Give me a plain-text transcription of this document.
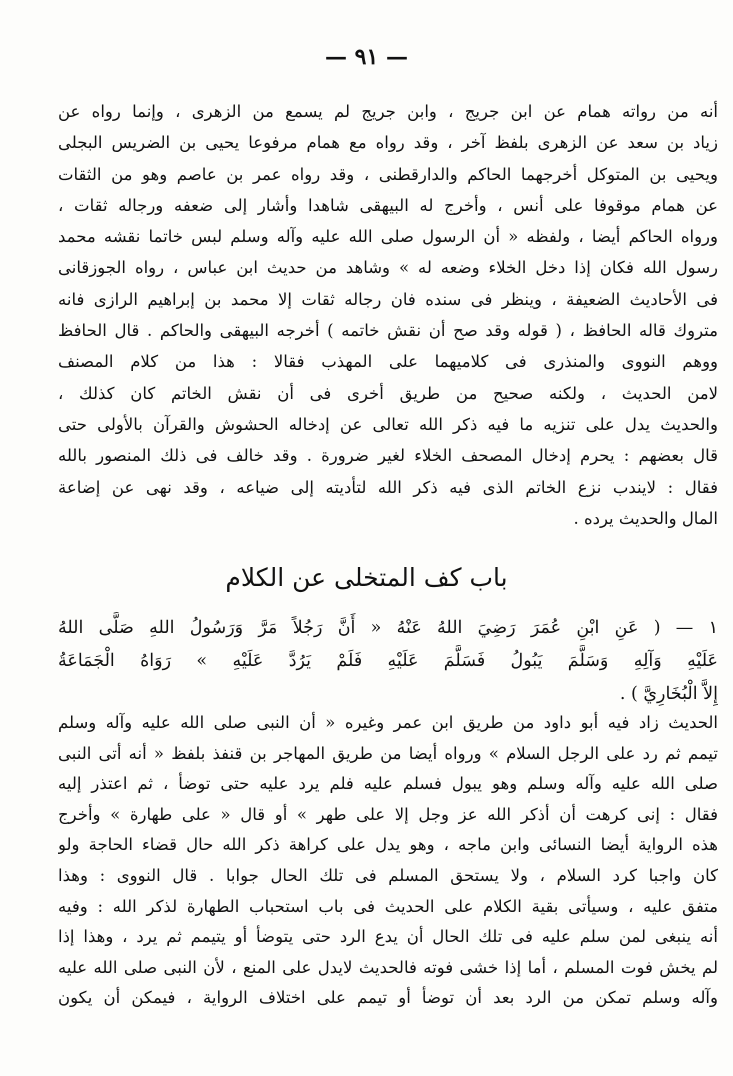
— ٩١ —
أنه من رواته همام عن ابن جريج ، وابن جريج لم يسمع من الزهرى ، وإنما رواه عن
زياد بن سعد عن الزهرى بلفظ آخر ، وقد رواه مع همام مرفوعا يحيى بن الضريس البجلى
ويحيى بن المتوكل أخرجهما الحاكم والدارقطنى ، وقد رواه عمر بن عاصم وهو من الثقات
عن همام موقوفا على أنس ، وأخرج له البيهقى شاهدا وأشار إلى ضعفه ورجاله ثقات ،
ورواه الحاكم أيضا ، ولفظه « أن الرسول صلى الله عليه وآله وسلم لبس خاتما نقشه محمد
رسول الله فكان إذا دخل الخلاء وضعه له » وشاهد من حديث ابن عباس ، رواه الجوزقانى
فى الأحاديث الضعيفة ، وينظر فى سنده فان رجاله ثقات إلا محمد بن إبراهيم الرازى فانه
متروك قاله الحافظ ، ( قوله وقد صح أن نقش خاتمه ) أخرجه البيهقى والحاكم . قال الحافظ
ووهم النووى والمنذرى فى كلاميهما على المهذب فقالا : هذا من كلام المصنف
لامن الحديث ، ولكنه صحيح من طريق أخرى فى أن نقش الخاتم كان كذلك ،
والحديث يدل على تنزيه ما فيه ذكر الله تعالى عن إدخاله الحشوش والقرآن بالأولى حتى
قال بعضهم : يحرم إدخال المصحف الخلاء لغير ضرورة . وقد خالف فى ذلك المنصور بالله
فقال : لايندب نزع الخاتم الذى فيه ذكر الله لتأديته إلى ضياعه ، وقد نهى عن إضاعة
المال والحديث يرده .
باب كف المتخلى عن الكلام
١ — ( عَنِ ابْنِ عُمَرَ رَضِيَ اللهُ عَنْهُ « أَنَّ رَجُلاً مَرَّ وَرَسُولُ اللهِ صَلَّى اللهُ
عَلَيْهِ وَآلِهِ وَسَلَّمَ يَبُولُ فَسَلَّمَ عَلَيْهِ فَلَمْ يَرُدَّ عَلَيْهِ » رَوَاهُ الْجَمَاعَةُ
إِلاَّ الْبُخَارِيَّ ) .
الحديث زاد فيه أبو داود من طريق ابن عمر وغيره « أن النبى صلى الله عليه وآله وسلم
تيمم ثم رد على الرجل السلام » ورواه أيضا من طريق المهاجر بن قنفذ بلفظ « أنه أتى النبى
صلى الله عليه وآله وسلم وهو يبول فسلم عليه فلم يرد عليه حتى توضأ ، ثم اعتذر إليه
فقال : إنى كرهت أن أذكر الله عز وجل إلا على طهر » أو قال « على طهارة » وأخرج
هذه الرواية أيضا النسائى وابن ماجه ، وهو يدل على كراهة ذكر الله حال قضاء الحاجة ولو
كان واجبا كرد السلام ، ولا يستحق المسلم فى تلك الحال جوابا . قال النووى : وهذا
متفق عليه ، وسيأتى بقية الكلام على الحديث فى باب استحباب الطهارة لذكر الله : وفيه
أنه ينبغى لمن سلم عليه فى تلك الحال أن يدع الرد حتى يتوضأ أو يتيمم ثم يرد ، وهذا إذا
لم يخش فوت المسلم ، أما إذا خشى فوته فالحديث لايدل على المنع ، لأن النبى صلى الله عليه
وآله وسلم تمكن من الرد بعد أن توضأ أو تيمم على اختلاف الرواية ، فيمكن أن يكون
